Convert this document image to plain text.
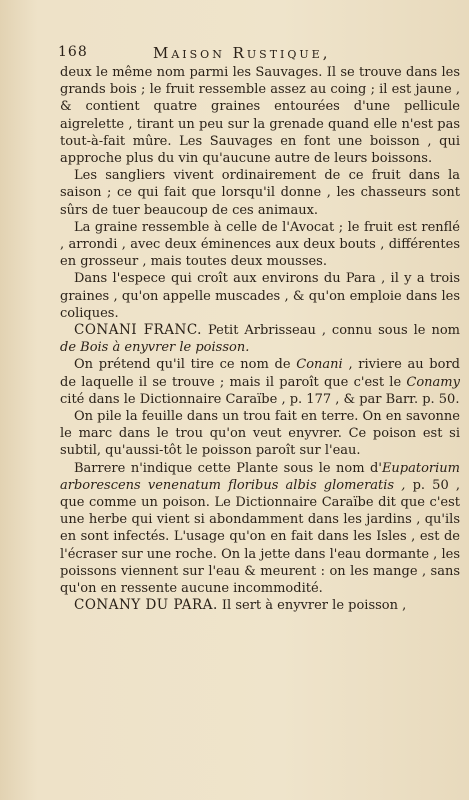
168	Maison Rustique,

deux le même nom parmi les Sauvages. Il se trouve dans les grands bois ; le fruit ressemble assez au coing ; il est jaune , & contient quatre graines entourées d'une pellicule aigrelette , tirant un peu sur la grenade quand elle n'est pas tout-à-fait mûre. Les Sauvages en font une boisson , qui approche plus du vin qu'aucune autre de leurs boissons.

Les sangliers vivent ordinairement de ce fruit dans la saison ; ce qui fait que lorsqu'il donne , les chasseurs sont sûrs de tuer beaucoup de ces animaux.

La graine ressemble à celle de l'Avocat ; le fruit est renflé , arrondi , avec deux éminences aux deux bouts , différentes en grosseur , mais toutes deux mousses.

Dans l'espece qui croît aux environs du Para , il y a trois graines , qu'on appelle muscades , & qu'on emploie dans les coliques.

CONANI FRANC. Petit Arbrisseau , connu sous le nom de Bois à enyvrer le poisson.

On prétend qu'il tire ce nom de Conani , riviere au bord de laquelle il se trouve ; mais il paroît que c'est le Conamy cité dans le Dictionnaire Caraïbe , p. 177 , & par Barr. p. 50.

On pile la feuille dans un trou fait en terre. On en savonne le marc dans le trou qu'on veut enyvrer. Ce poison est si subtil, qu'aussi-tôt le poisson paroît sur l'eau.

Barrere n'indique cette Plante sous le nom d'Eupatorium arborescens venenatum floribus albis glomeratis , p. 50 , que comme un poison. Le Dictionnaire Caraïbe dit que c'est une herbe qui vient si abondamment dans les jardins , qu'ils en sont infectés. L'usage qu'on en fait dans les Isles , est de l'écraser sur une roche. On la jette dans l'eau dormante , les poissons viennent sur l'eau & meurent : on les mange , sans qu'on en ressente aucune incommodité.

CONANY DU PARA. Il sert à enyvrer le poisson ,
